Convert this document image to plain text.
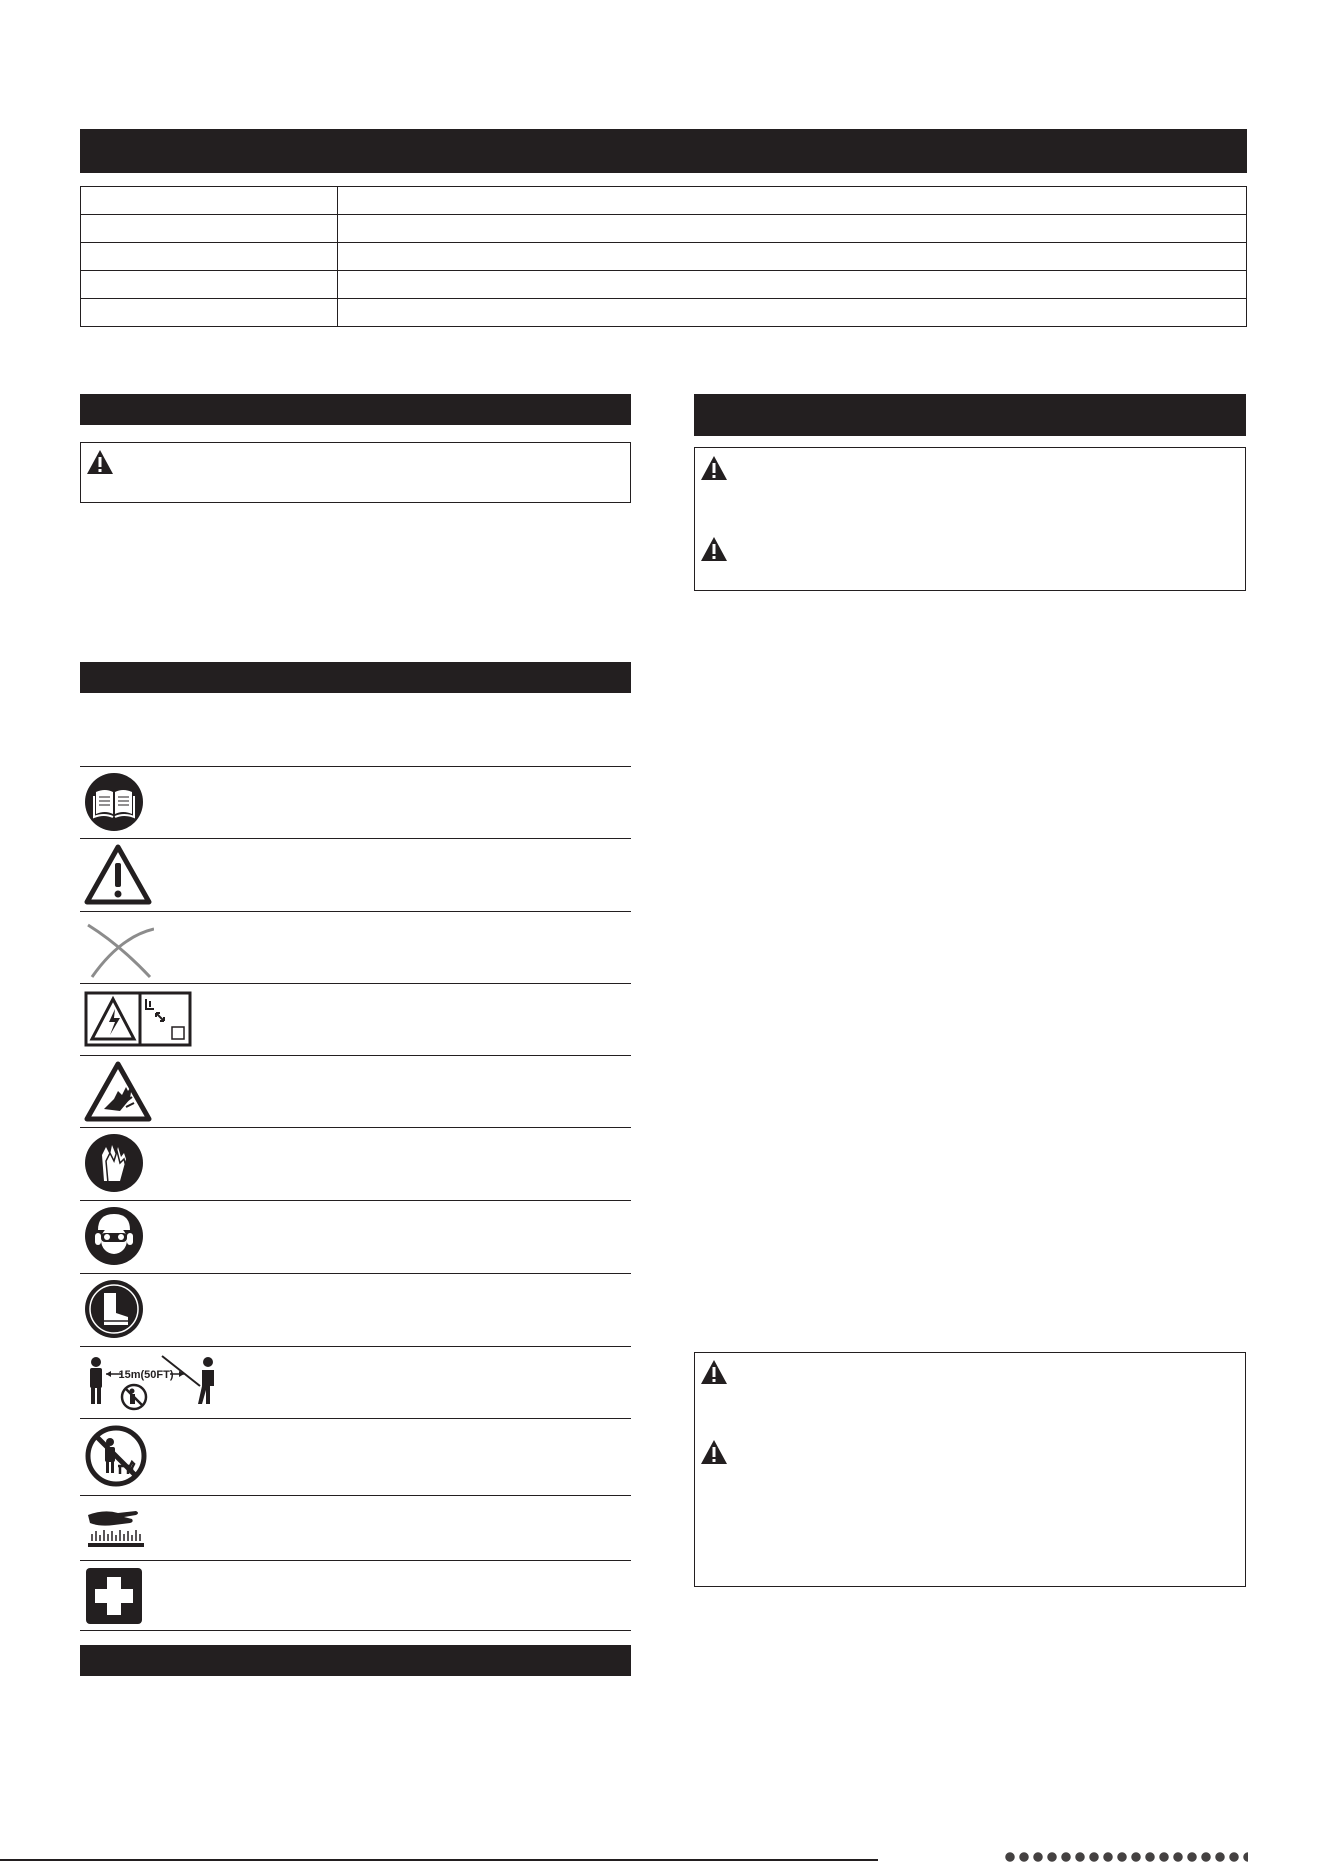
15m(50FT)
